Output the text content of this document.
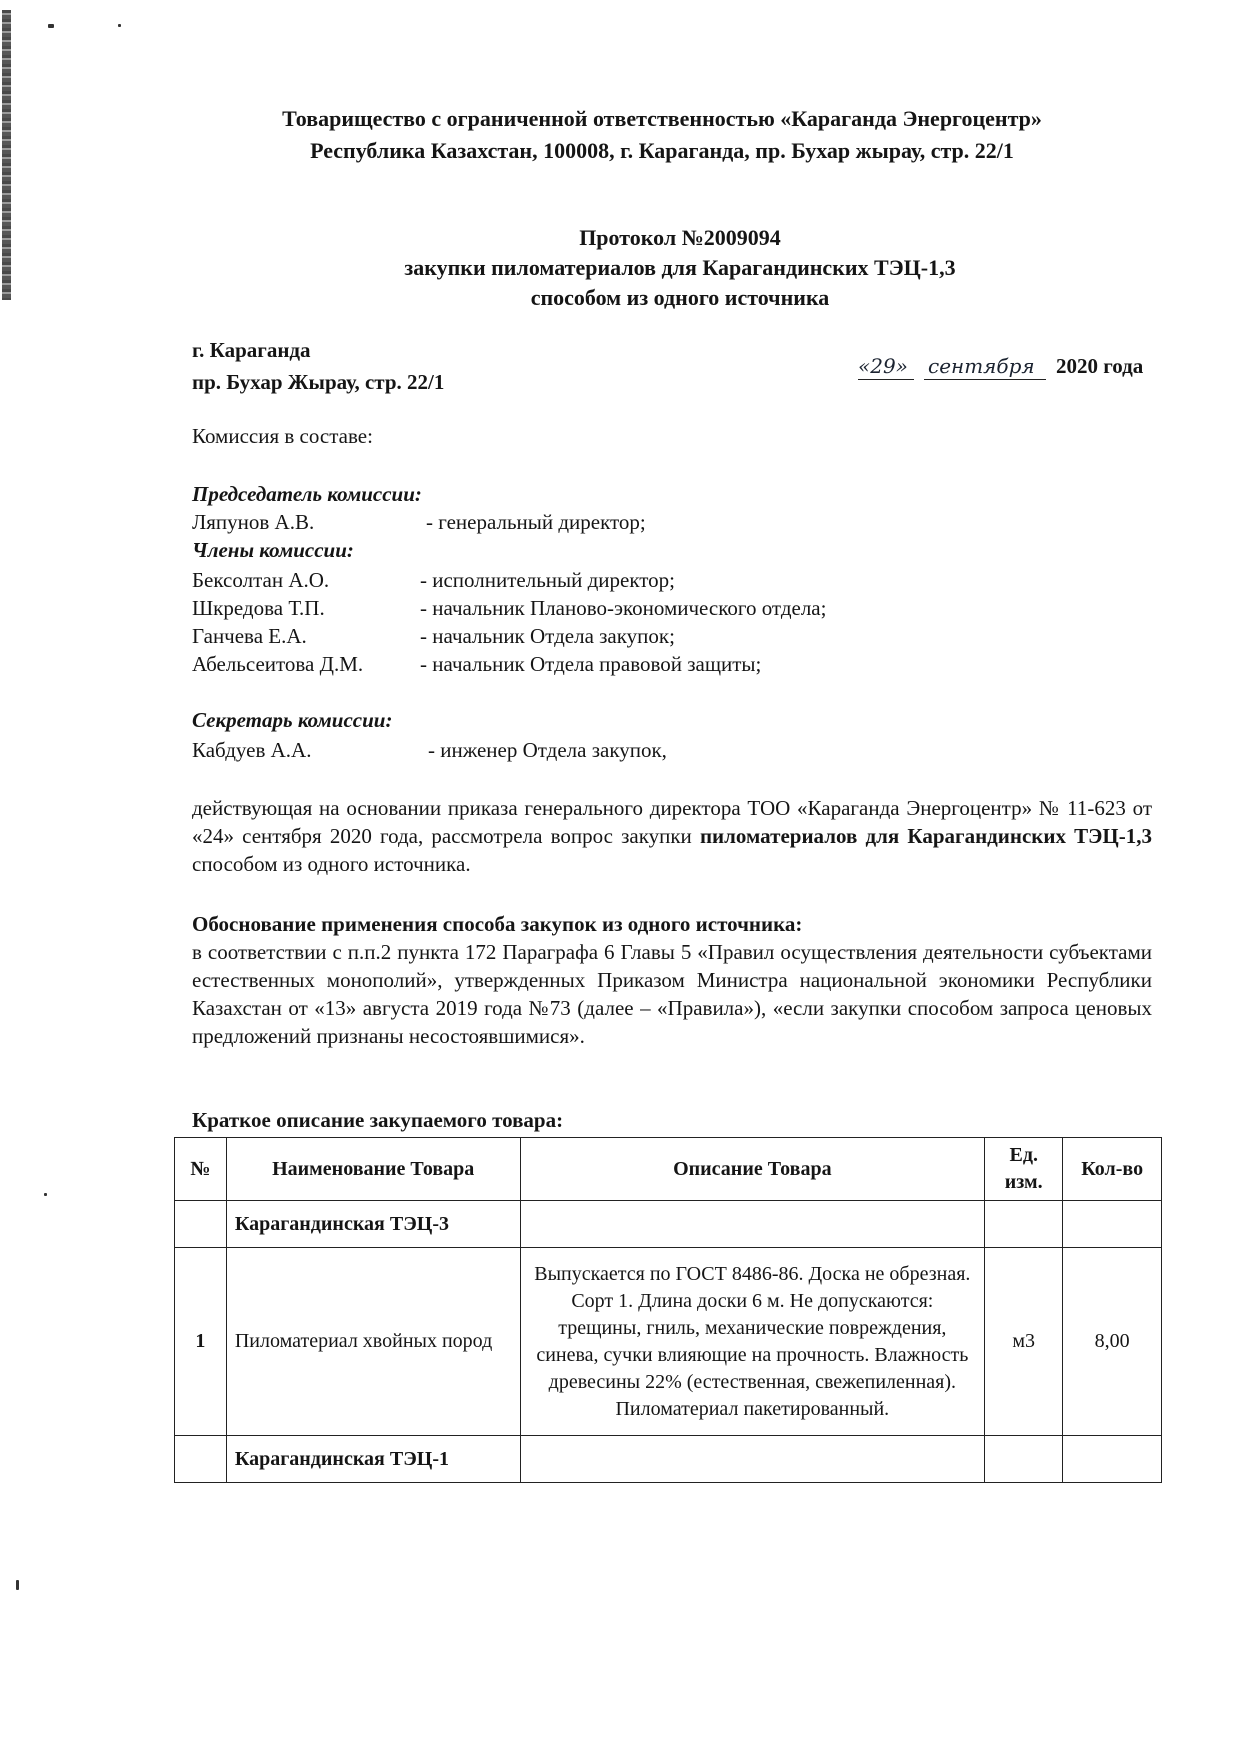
Товарищество с ограниченной ответственностью «Караганда Энергоцентр»
Республика Казахстан, 100008, г. Караганда, пр. Бухар жырау, стр. 22/1
Протокол №2009094
закупки пиломатериалов для Карагандинских ТЭЦ-1,3
способом из одного источника
г. Караганда
пр. Бухар Жырау, стр. 22/1
«29» сентября 2020 года
Комиссия в составе:
Председатель комиссии:
Ляпунов А.В.	- генеральный директор;
Члены комиссии:
Бексолтан А.О.	- исполнительный директор;
Шкредова Т.П.	- начальник Планово-экономического отдела;
Ганчева Е.А.	- начальник Отдела закупок;
Абельсеитова Д.М.	- начальник Отдела правовой защиты;
Секретарь комиссии:
Кабдуев А.А.	- инженер Отдела закупок,
действующая на основании приказа генерального директора ТОО «Караганда Энергоцентр» № 11-623 от «24» сентября 2020 года, рассмотрела вопрос закупки пиломатериалов для Карагандинских ТЭЦ-1,3 способом из одного источника.
Обоснование применения способа закупок из одного источника:
в соответствии с п.п.2 пункта 172 Параграфа 6 Главы 5 «Правил осуществления деятельности субъектами естественных монополий», утвержденных Приказом Министра национальной экономики Республики Казахстан от «13» августа 2019 года №73 (далее – «Правила»), «если закупки способом запроса ценовых предложений признаны несостоявшимися».
Краткое описание закупаемого товара:
№	Наименование Товара	Описание Товара	Ед. изм.	Кол-во
	Карагандинская ТЭЦ-3			
1	Пиломатериал хвойных пород	Выпускается по ГОСТ 8486-86. Доска не обрезная. Сорт 1. Длина доски 6 м. Не допускаются: трещины, гниль, механические повреждения, синева, сучки влияющие на прочность. Влажность древесины 22% (естественная, свежепиленная). Пиломатериал пакетированный.	м3	8,00
	Карагандинская ТЭЦ-1			
